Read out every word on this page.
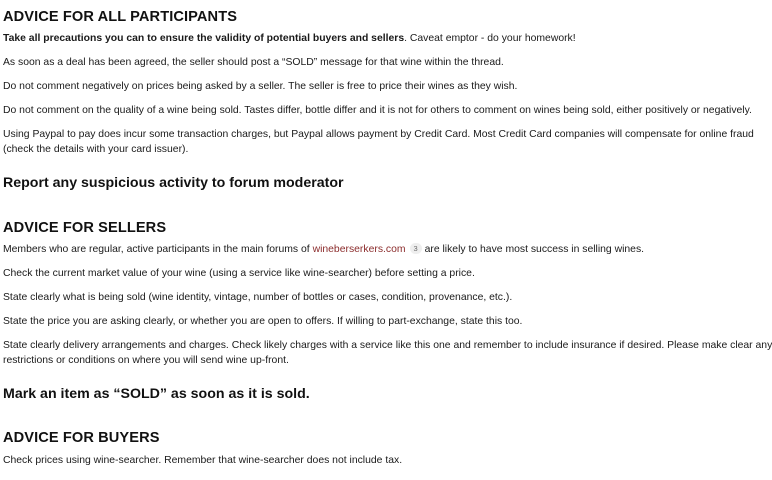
ADVICE FOR ALL PARTICIPANTS
Take all precautions you can to ensure the validity of potential buyers and sellers. Caveat emptor - do your homework!
As soon as a deal has been agreed, the seller should post a “SOLD” message for that wine within the thread.
Do not comment negatively on prices being asked by a seller. The seller is free to price their wines as they wish.
Do not comment on the quality of a wine being sold. Tastes differ, bottle differ and it is not for others to comment on wines being sold, either positively or negatively.
Using Paypal to pay does incur some transaction charges, but Paypal allows payment by Credit Card. Most Credit Card companies will compensate for online fraud
(check the details with your card issuer).
Report any suspicious activity to forum moderator
ADVICE FOR SELLERS
Members who are regular, active participants in the main forums of wineberserkers.com 3 are likely to have most success in selling wines.
Check the current market value of your wine (using a service like wine-searcher) before setting a price.
State clearly what is being sold (wine identity, vintage, number of bottles or cases, condition, provenance, etc.).
State the price you are asking clearly, or whether you are open to offers. If willing to part-exchange, state this too.
State clearly delivery arrangements and charges. Check likely charges with a service like this one and remember to include insurance if desired. Please make clear any
restrictions or conditions on where you will send wine up-front.
Mark an item as “SOLD” as soon as it is sold.
ADVICE FOR BUYERS
Check prices using wine-searcher. Remember that wine-searcher does not include tax.
